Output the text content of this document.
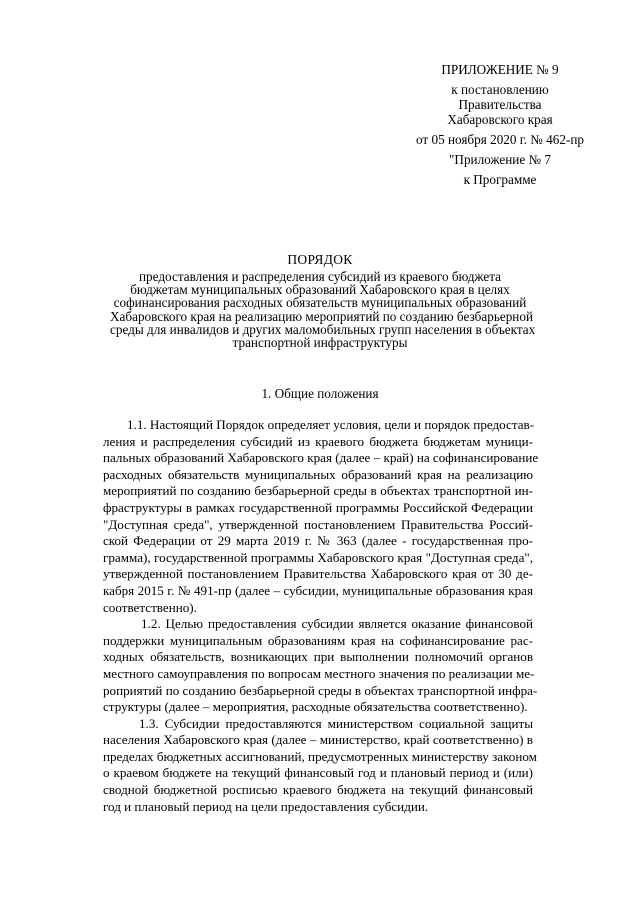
ПРИЛОЖЕНИЕ № 9
к постановлению
Правительства
Хабаровского края
от 05 ноября 2020 г. № 462-пр
"Приложение № 7
к Программе
ПОРЯДОК
предоставления и распределения субсидий из краевого бюджета
бюджетам муниципальных образований Хабаровского края в целях
софинансирования расходных обязательств муниципальных образований
Хабаровского края на реализацию мероприятий по созданию безбарьерной
среды для инвалидов и других маломобильных групп населения в объектах
транспортной инфраструктуры
1. Общие положения
1.1. Настоящий Порядок определяет условия, цели и порядок предостав-
ления и распределения субсидий из краевого бюджета бюджетам муници-
пальных образований Хабаровского края (далее – край) на софинансирование
расходных обязательств муниципальных образований края на реализацию
мероприятий по созданию безбарьерной среды в объектах транспортной ин-
фраструктуры в рамках государственной программы Российской Федерации
"Доступная среда", утвержденной постановлением Правительства Россий-
ской Федерации от 29 марта 2019 г. № 363 (далее - государственная про-
грамма), государственной программы Хабаровского края "Доступная среда",
утвержденной постановлением Правительства Хабаровского края от 30 де-
кабря 2015 г. № 491-пр (далее – субсидии, муниципальные образования края
соответственно).
1.2. Целью предоставления субсидии является оказание финансовой
поддержки муниципальным образованиям края на софинансирование рас-
ходных обязательств, возникающих при выполнении полномочий органов
местного самоуправления по вопросам местного значения по реализации ме-
роприятий по созданию безбарьерной среды в объектах транспортной инфра-
структуры (далее – мероприятия, расходные обязательства соответственно).
1.3. Субсидии предоставляются министерством социальной защиты
населения Хабаровского края (далее – министерство, край соответственно) в
пределах бюджетных ассигнований, предусмотренных министерству законом
о краевом бюджете на текущий финансовый год и плановый период и (или)
сводной бюджетной росписью краевого бюджета на текущий финансовый
год и плановый период на цели предоставления субсидии.
